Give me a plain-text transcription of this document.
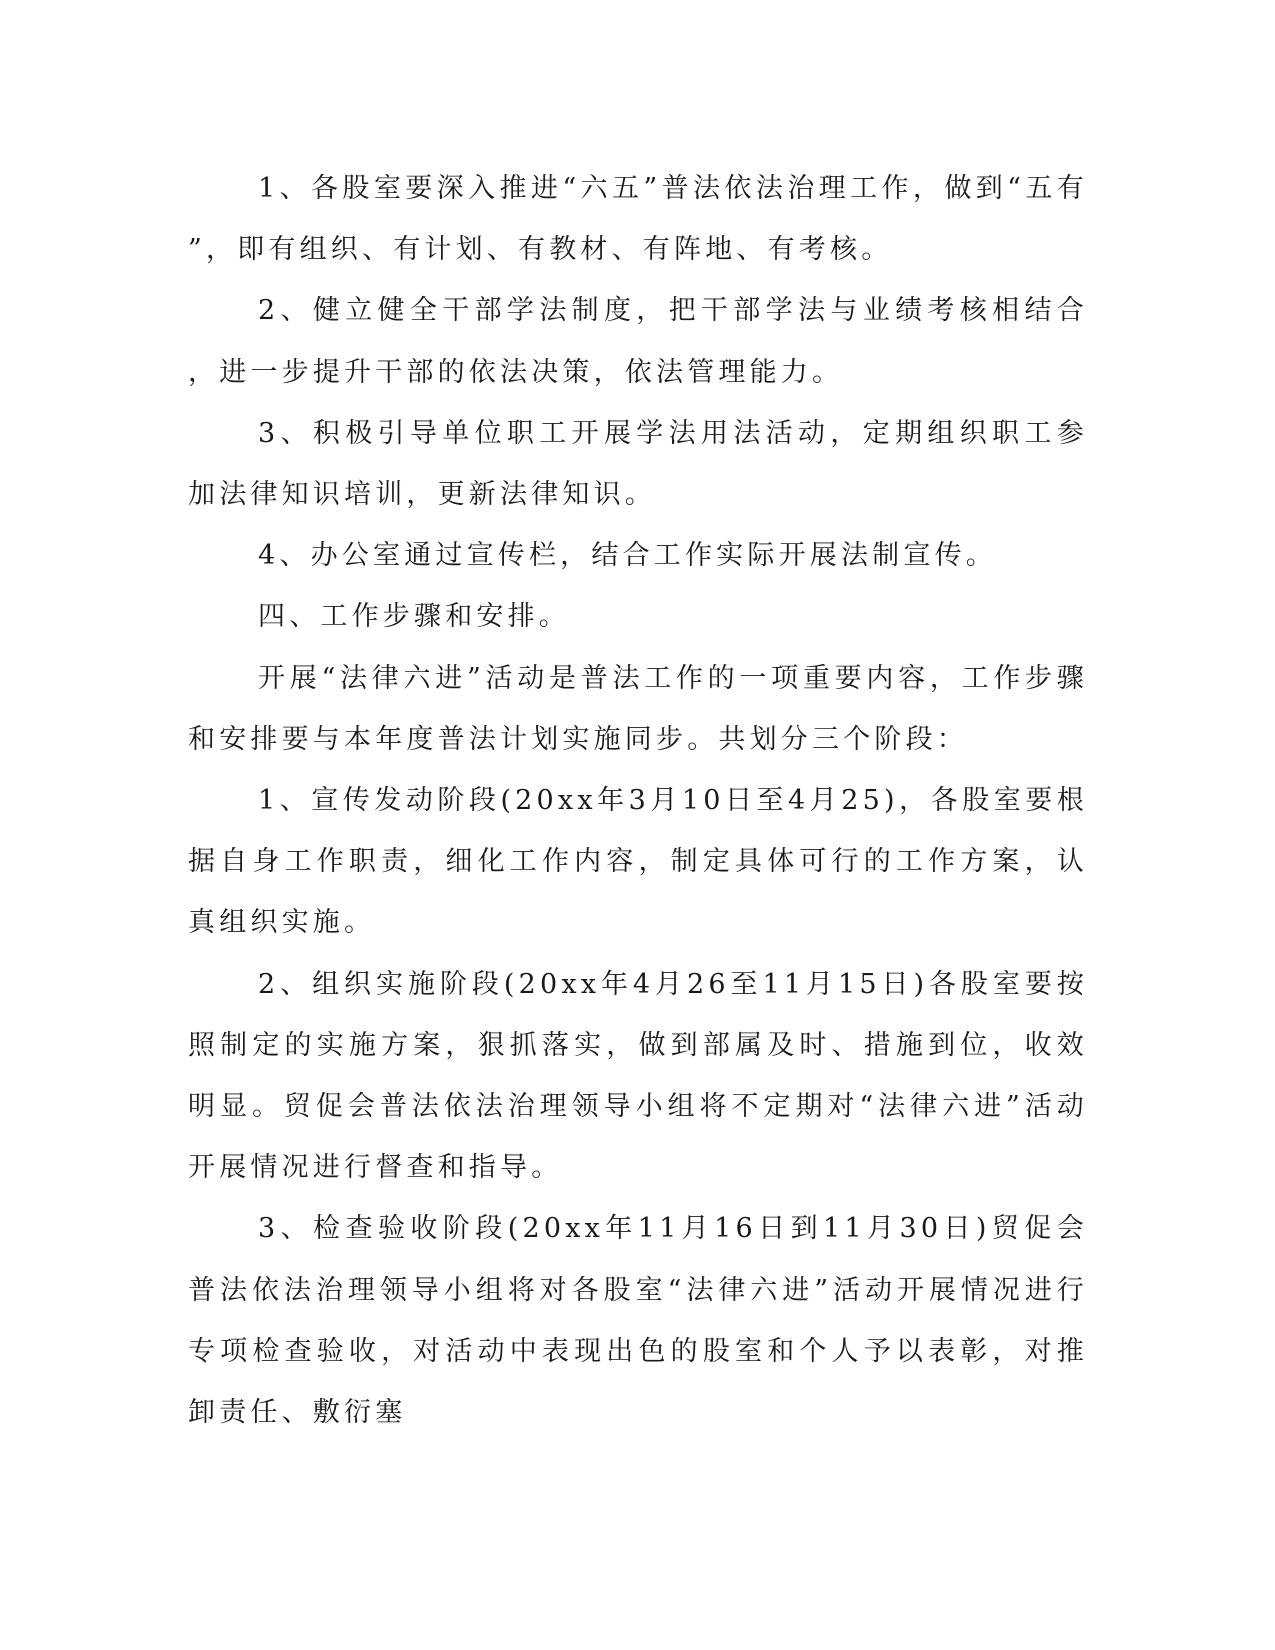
1、各股室要深入推进“六五”普法依法治理工作，做到“五有”，即有组织、有计划、有教材、有阵地、有考核。

2、健立健全干部学法制度，把干部学法与业绩考核相结合，进一步提升干部的依法决策，依法管理能力。

3、积极引导单位职工开展学法用法活动，定期组织职工参加法律知识培训，更新法律知识。

4、办公室通过宣传栏，结合工作实际开展法制宣传。

四、工作步骤和安排。

开展“法律六进”活动是普法工作的一项重要内容，工作步骤和安排要与本年度普法计划实施同步。共划分三个阶段：

1、宣传发动阶段(20xx年3月10日至4月25)，各股室要根据自身工作职责，细化工作内容，制定具体可行的工作方案，认真组织实施。

2、组织实施阶段(20xx年4月26至11月15日)各股室要按照制定的实施方案，狠抓落实，做到部属及时、措施到位，收效明显。贸促会普法依法治理领导小组将不定期对“法律六进”活动开展情况进行督查和指导。

3、检查验收阶段(20xx年11月16日到11月30日)贸促会普法依法治理领导小组将对各股室“法律六进”活动开展情况进行专项检查验收，对活动中表现出色的股室和个人予以表彰，对推卸责任、敷衍塞
